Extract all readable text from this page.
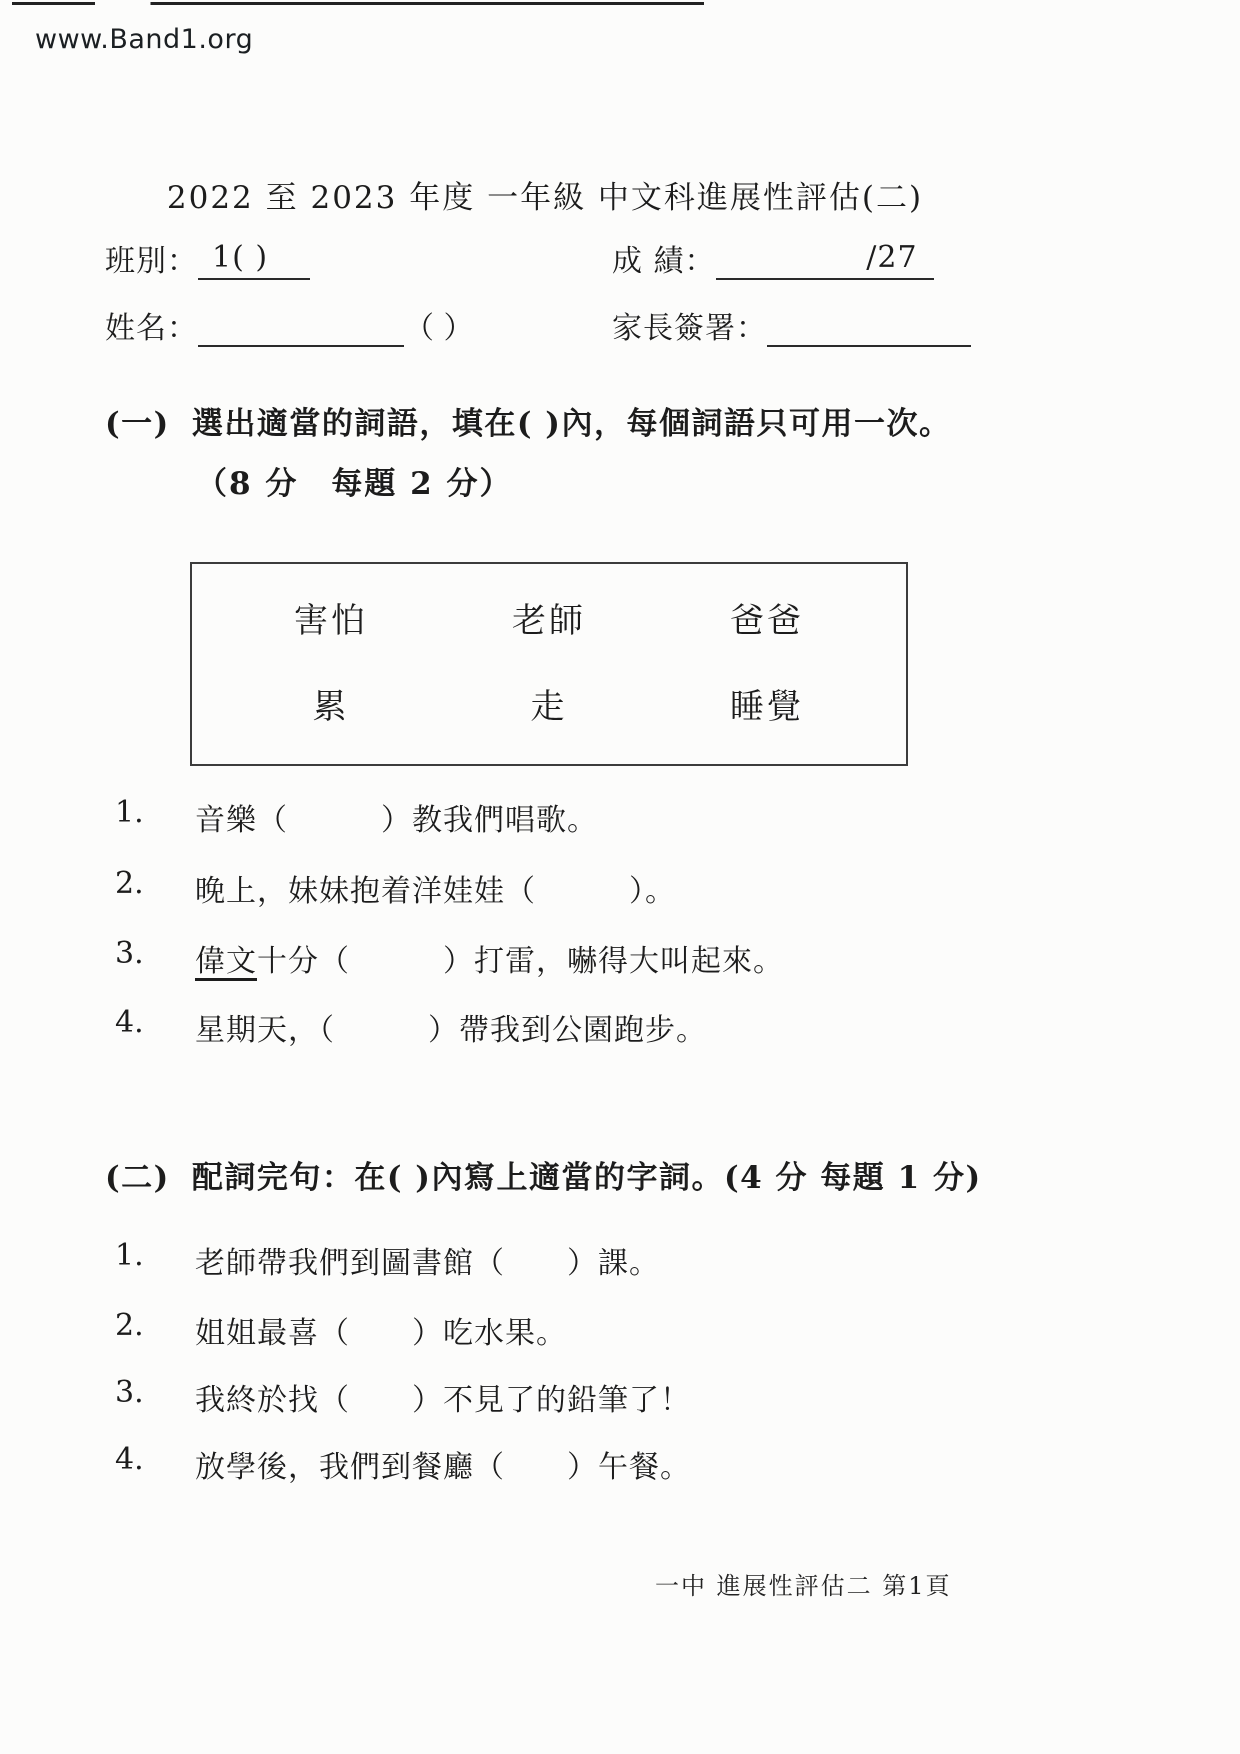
www.Band1.org
2022 至 2023 年度 一年級 中文科進展性評估(二)
班別： 1( )	成 績：	/27
姓名：	（ ）	家長簽署：
(一) 選出適當的詞語，填在( )內，每個詞語只可用一次。
（8 分　每題 2 分）
害怕	老師	爸爸
累	走	睡覺
1.	音樂（　　　）教我們唱歌。
2.	晚上，妹妹抱着洋娃娃（　　　）。
3.	偉文十分（　　　）打雷，嚇得大叫起來。
4.	星期天，（　　　）帶我到公園跑步。
(二) 配詞完句：在( )內寫上適當的字詞。(4 分 每題 1 分)
1.	老師帶我們到圖書館（　　）課。
2.	姐姐最喜（　　）吃水果。
3.	我終於找（　　）不見了的鉛筆了！
4.	放學後，我們到餐廳（　　）午餐。
一中 進展性評估二 第1頁
